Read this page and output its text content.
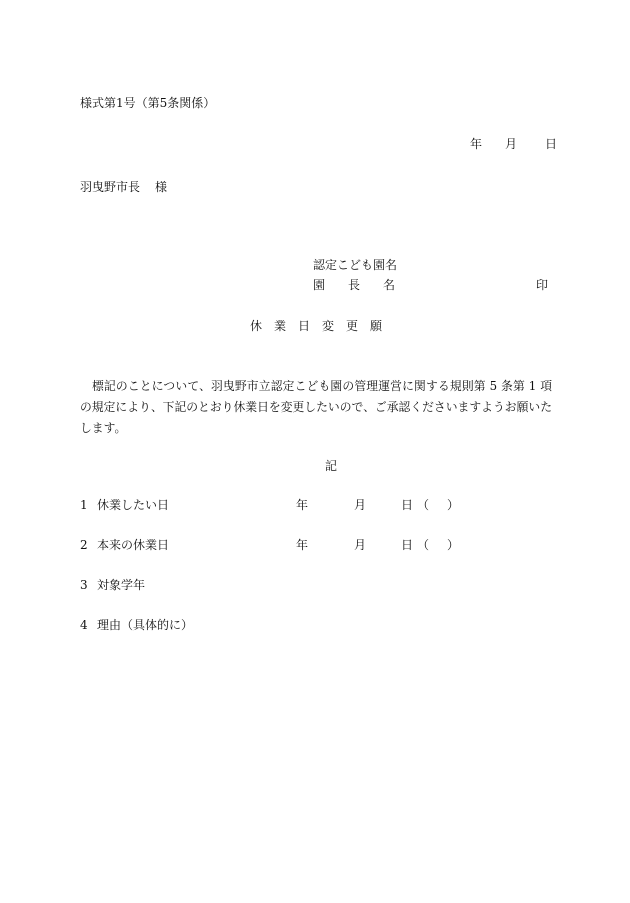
様式第1号（第5条関係）
年 月 日
羽曳野市長 様
認定こども園名
園 長 名	印
休業日変更願
標記のことについて、羽曳野市立認定こども園の管理運営に関する規則第 5 条第 1 項の規定により、下記のとおり休業日を変更したいので、ご承認くださいますようお願いたします。
記
1 休業したい日	年	月	日 （ ）
2 本来の休業日	年	月	日 （ ）
3 対象学年
4 理由（具体的に）
